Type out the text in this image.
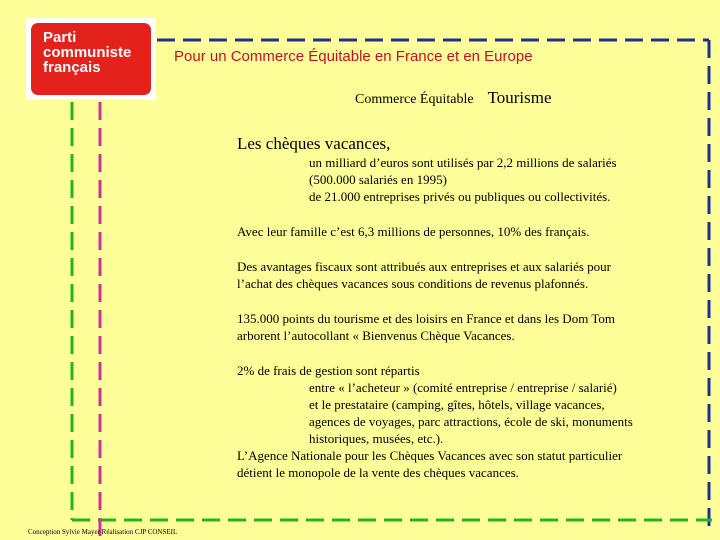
Parti
communiste
français
Pour un Commerce Équitable en France et en Europe
Commerce Équitable Tourisme

Les chèques vacances,

un milliard d’euros sont utilisés par 2,2 millions de salariés

(500.000 salariés en 1995)

de 21.000 entreprises privés ou publiques ou collectivités.

Avec leur famille c’est 6,3 millions de personnes, 10% des français.

Des avantages fiscaux sont attribués aux entreprises et aux salariés pour

l’achat des chèques vacances sous conditions de revenus plafonnés.

135.000 points du tourisme et des loisirs en France et dans les Dom Tom

arborent l’autocollant « Bienvenus Chèque Vacances.

2% de frais de gestion sont répartis

entre « l’acheteur » (comité entreprise / entreprise / salarié)

et le prestataire (camping, gîtes, hôtels, village vacances,

agences de voyages, parc attractions, école de ski, monuments

historiques, musées, etc.).

L’Agence Nationale pour les Chèques Vacances avec son statut particulier

détient le monopole de la vente des chèques vacances.

Conception Sylvie Mayer Réalisation CJP CONSEIL
